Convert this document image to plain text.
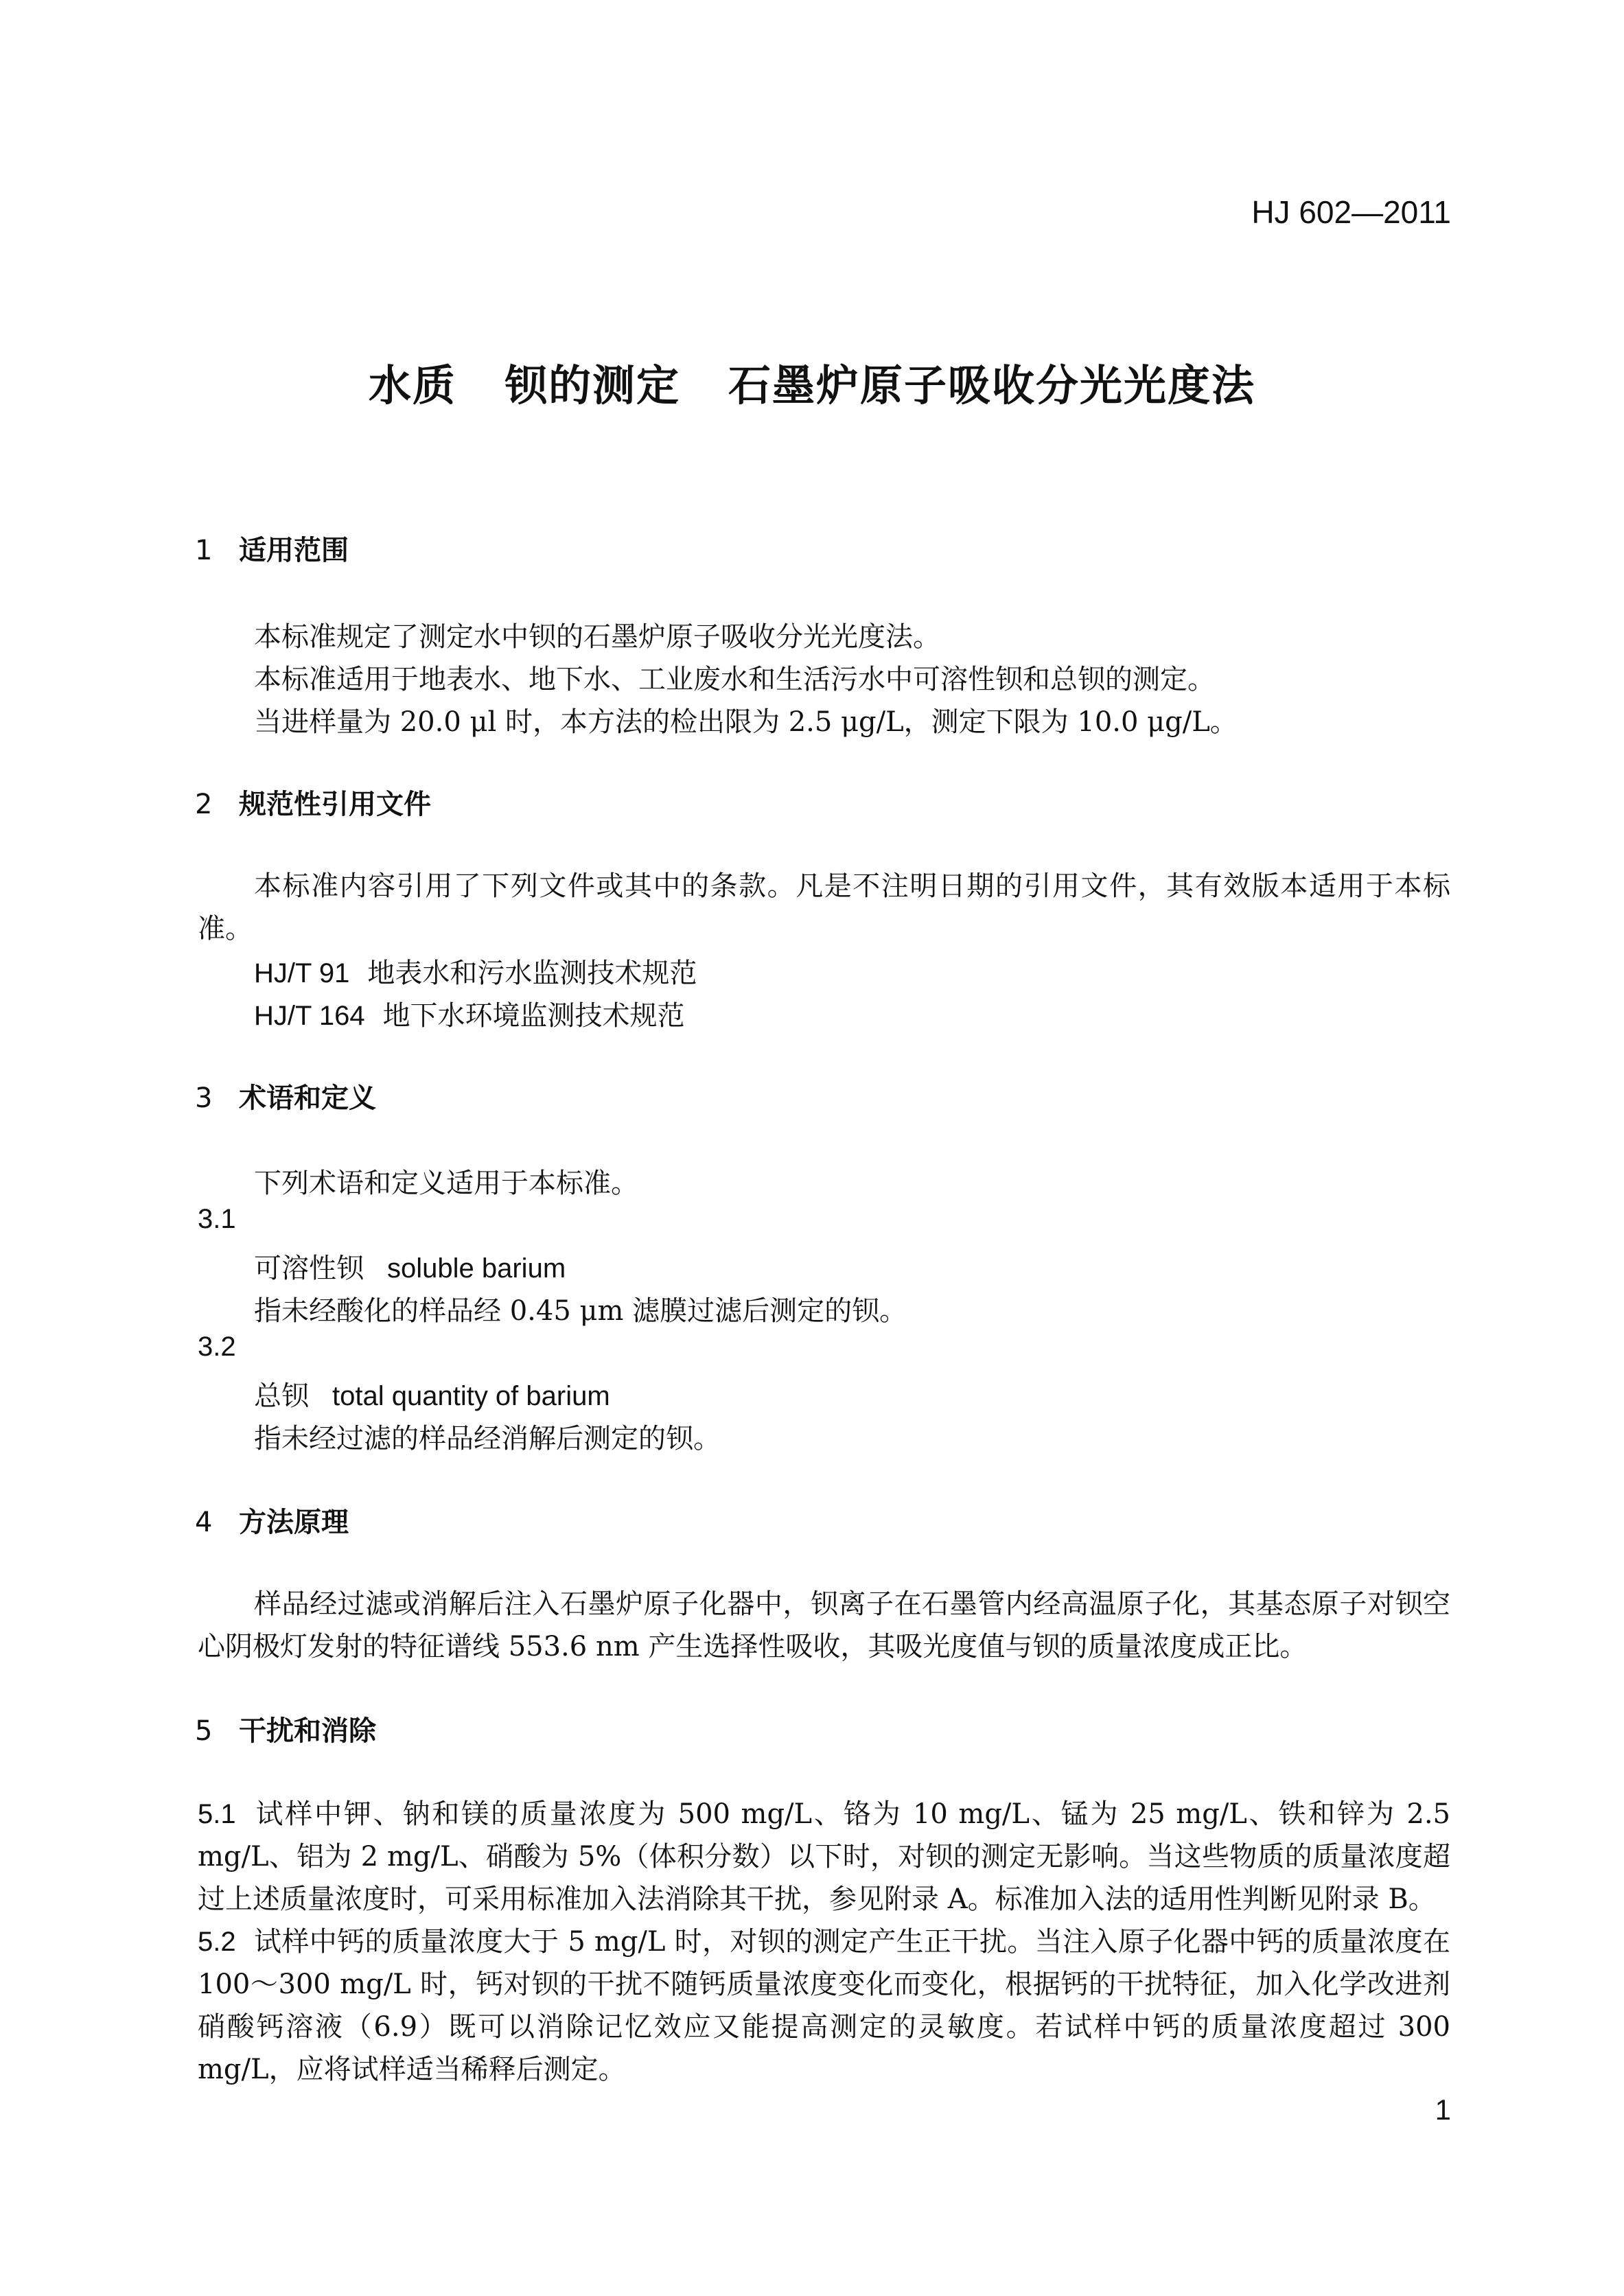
HJ 602—2011
水质 钡的测定 石墨炉原子吸收分光光度法
1 适用范围
本标准规定了测定水中钡的石墨炉原子吸收分光光度法。
本标准适用于地表水、地下水、工业废水和生活污水中可溶性钡和总钡的测定。
当进样量为 20.0 μl 时，本方法的检出限为 2.5 μg/L，测定下限为 10.0 μg/L。
2 规范性引用文件
本标准内容引用了下列文件或其中的条款。凡是不注明日期的引用文件，其有效版本适用于本标准。
HJ/T 91 地表水和污水监测技术规范
HJ/T 164 地下水环境监测技术规范
3 术语和定义
下列术语和定义适用于本标准。
3.1
可溶性钡 soluble barium
指未经酸化的样品经 0.45 μm 滤膜过滤后测定的钡。
3.2
总钡 total quantity of barium
指未经过滤的样品经消解后测定的钡。
4 方法原理
样品经过滤或消解后注入石墨炉原子化器中，钡离子在石墨管内经高温原子化，其基态原子对钡空心阴极灯发射的特征谱线 553.6 nm 产生选择性吸收，其吸光度值与钡的质量浓度成正比。
5 干扰和消除
5.1 试样中钾、钠和镁的质量浓度为 500 mg/L、铬为 10 mg/L、锰为 25 mg/L、铁和锌为 2.5 mg/L、铝为 2 mg/L、硝酸为 5%（体积分数）以下时，对钡的测定无影响。当这些物质的质量浓度超过上述质量浓度时，可采用标准加入法消除其干扰，参见附录 A。标准加入法的适用性判断见附录 B。
5.2 试样中钙的质量浓度大于 5 mg/L 时，对钡的测定产生正干扰。当注入原子化器中钙的质量浓度在 100～300 mg/L 时，钙对钡的干扰不随钙质量浓度变化而变化，根据钙的干扰特征，加入化学改进剂硝酸钙溶液（6.9）既可以消除记忆效应又能提高测定的灵敏度。若试样中钙的质量浓度超过 300 mg/L，应将试样适当稀释后测定。
1
